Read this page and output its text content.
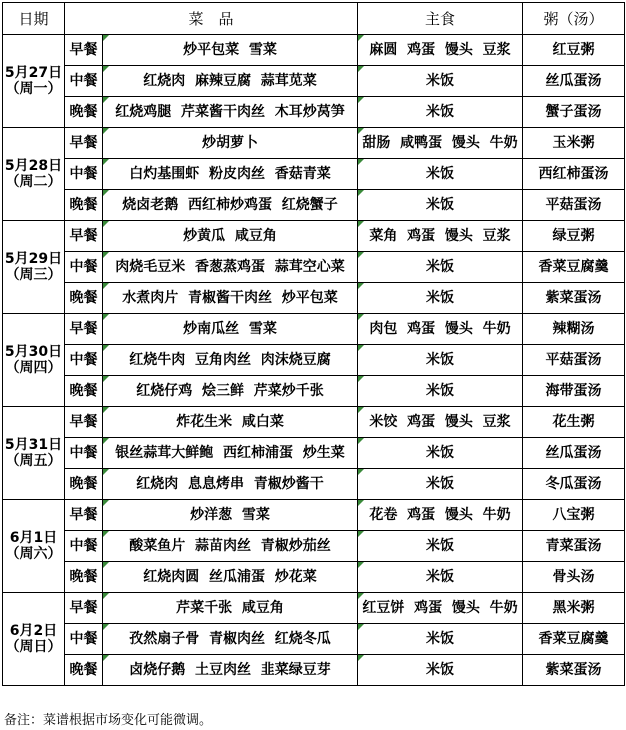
日期	菜　品		主食	粥（汤）

5月27日
（周一）	早餐	炒平包菜  雪菜	麻圆  鸡蛋  馒头  豆浆	红豆粥
	中餐	红烧肉  麻辣豆腐  蒜茸苋菜	米饭	丝瓜蛋汤
	晚餐	红烧鸡腿  芹菜酱干肉丝  木耳炒莴笋	米饭	蟹子蛋汤

5月28日
（周二）	早餐	炒胡萝卜	甜肠  咸鸭蛋  馒头  牛奶	玉米粥
	中餐	白灼基围虾  粉皮肉丝  香菇青菜	米饭	西红柿蛋汤
	晚餐	烧卤老鹅  西红柿炒鸡蛋  红烧蟹子	米饭	平菇蛋汤

5月29日
（周三）	早餐	炒黄瓜  咸豆角	菜角  鸡蛋  馒头  豆浆	绿豆粥
	中餐	肉烧毛豆米  香葱蒸鸡蛋  蒜茸空心菜	米饭	香菜豆腐羹
	晚餐	水煮肉片  青椒酱干肉丝  炒平包菜	米饭	紫菜蛋汤

5月30日
（周四）	早餐	炒南瓜丝  雪菜	肉包  鸡蛋  馒头  牛奶	辣糊汤
	中餐	红烧牛肉  豆角肉丝  肉沫烧豆腐	米饭	平菇蛋汤
	晚餐	红烧仔鸡  烩三鲜  芹菜炒千张	米饭	海带蛋汤

5月31日
（周五）	早餐	炸花生米  咸白菜	米饺  鸡蛋  馒头  豆浆	花生粥
	中餐	银丝蒜茸大鲜鲍  西红柿浦蛋  炒生菜	米饭	丝瓜蛋汤
	晚餐	红烧肉  息息烤串  青椒炒酱干	米饭	冬瓜蛋汤

6月1日
（周六）	早餐	炒洋葱  雪菜	花卷  鸡蛋  馒头  牛奶	八宝粥
	中餐	酸菜鱼片  蒜苗肉丝  青椒炒茄丝	米饭	青菜蛋汤
	晚餐	红烧肉圆  丝瓜浦蛋  炒花菜	米饭	骨头汤

6月2日
（周日）	早餐	芹菜千张  咸豆角	红豆饼  鸡蛋  馒头  牛奶	黑米粥
	中餐	孜然扇子骨  青椒肉丝  红烧冬瓜	米饭	香菜豆腐羹
	晚餐	卤烧仔鹅  土豆肉丝  韭菜绿豆芽	米饭	紫菜蛋汤
备注：菜谱根据市场变化可能微调。
